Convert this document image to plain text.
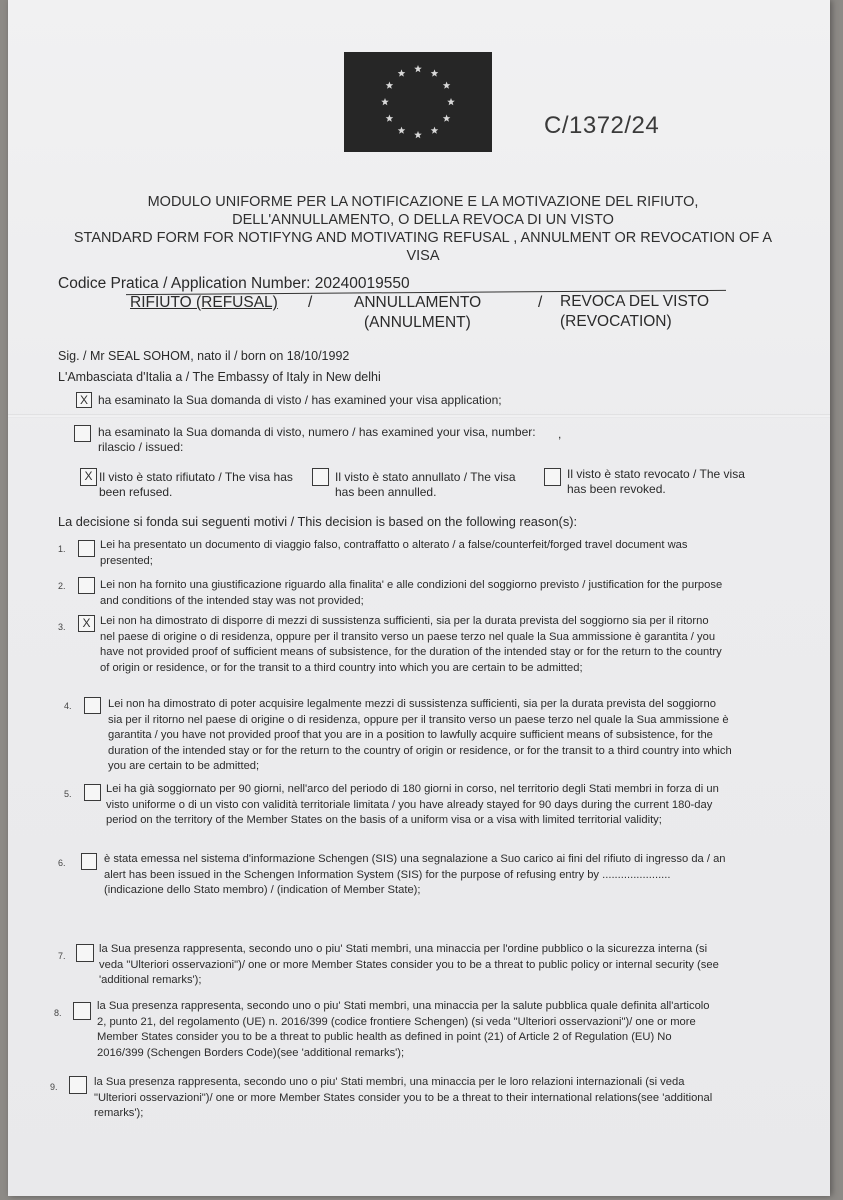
C/1372/24
MODULO UNIFORME PER LA NOTIFICAZIONE E LA MOTIVAZIONE DEL RIFIUTO,
DELL'ANNULLAMENTO, O DELLA REVOCA DI UN VISTO
STANDARD FORM FOR NOTIFYNG AND MOTIVATING REFUSAL , ANNULMENT OR REVOCATION OF A
VISA
Codice Pratica / Application Number: 20240019550
RIFIUTO (REFUSAL) /	ANNULLAMENTO
(ANNULMENT)
/ REVOCA DEL VISTO
(REVOCATION)
Sig. / Mr SEAL SOHOM, nato il / born on 18/10/1992
L'Ambasciata d'Italia a / The Embassy of Italy in New delhi
X ha esaminato la Sua domanda di visto / has examined your visa application;
ha esaminato la Sua domanda di visto, numero / has examined your visa, number: ,
rilascio / issued:
X Il visto è stato rifiutato / The visa has
been refused.
Il visto è stato annullato / The visa
has been annulled.
Il visto è stato revocato / The visa
has been revoked.
La decisione si fonda sui seguenti motivi / This decision is based on the following reason(s):
1.	Lei ha presentato un documento di viaggio falso, contraffatto o alterato / a false/counterfeit/forged travel document was
presented;
2.	Lei non ha fornito una giustificazione riguardo alla finalita' e alle condizioni del soggiorno previsto / justification for the purpose
and conditions of the intended stay was not provided;
3.	X Lei non ha dimostrato di disporre di mezzi di sussistenza sufficienti, sia per la durata prevista del soggiorno sia per il ritorno
nel paese di origine o di residenza, oppure per il transito verso un paese terzo nel quale la Sua ammissione è garantita / you
have not provided proof of sufficient means of subsistence, for the duration of the intended stay or for the return to the country
of origin or residence, or for the transit to a third country into which you are certain to be admitted;
4.	Lei non ha dimostrato di poter acquisire legalmente mezzi di sussistenza sufficienti, sia per la durata prevista del soggiorno
sia per il ritorno nel paese di origine o di residenza, oppure per il transito verso un paese terzo nel quale la Sua ammissione è
garantita / you have not provided proof that you are in a position to lawfully acquire sufficient means of subsistence, for the
duration of the intended stay or for the return to the country of origin or residence, or for the transit to a third country into which
you are certain to be admitted;
5.	Lei ha già soggiornato per 90 giorni, nell'arco del periodo di 180 giorni in corso, nel territorio degli Stati membri in forza di un
visto uniforme o di un visto con validità territoriale limitata / you have already stayed for 90 days during the current 180-day
period on the territory of the Member States on the basis of a uniform visa or a visa with limited territorial validity;
6.	è stata emessa nel sistema d'informazione Schengen (SIS) una segnalazione a Suo carico ai fini del rifiuto di ingresso da / an
alert has been issued in the Schengen Information System (SIS) for the purpose of refusing entry by ......................
(indicazione dello Stato membro) / (indication of Member State);
7.
la Sua presenza rappresenta, secondo uno o piu' Stati membri, una minaccia per l'ordine pubblico o la sicurezza interna (si
veda "Ulteriori osservazioni")/ one or more Member States consider you to be a threat to public policy or internal security (see
'additional remarks');
8.
la Sua presenza rappresenta, secondo uno o piu' Stati membri, una minaccia per la salute pubblica quale definita all'articolo
2, punto 21, del regolamento (UE) n. 2016/399 (codice frontiere Schengen) (si veda "Ulteriori osservazioni")/ one or more
Member States consider you to be a threat to public health as defined in point (21) of Article 2 of Regulation (EU) No
2016/399 (Schengen Borders Code)(see 'additional remarks');
9.	la Sua presenza rappresenta, secondo uno o piu' Stati membri, una minaccia per le loro relazioni internazionali (si veda
"Ulteriori osservazioni")/ one or more Member States consider you to be a threat to their international relations(see 'additional
remarks');
